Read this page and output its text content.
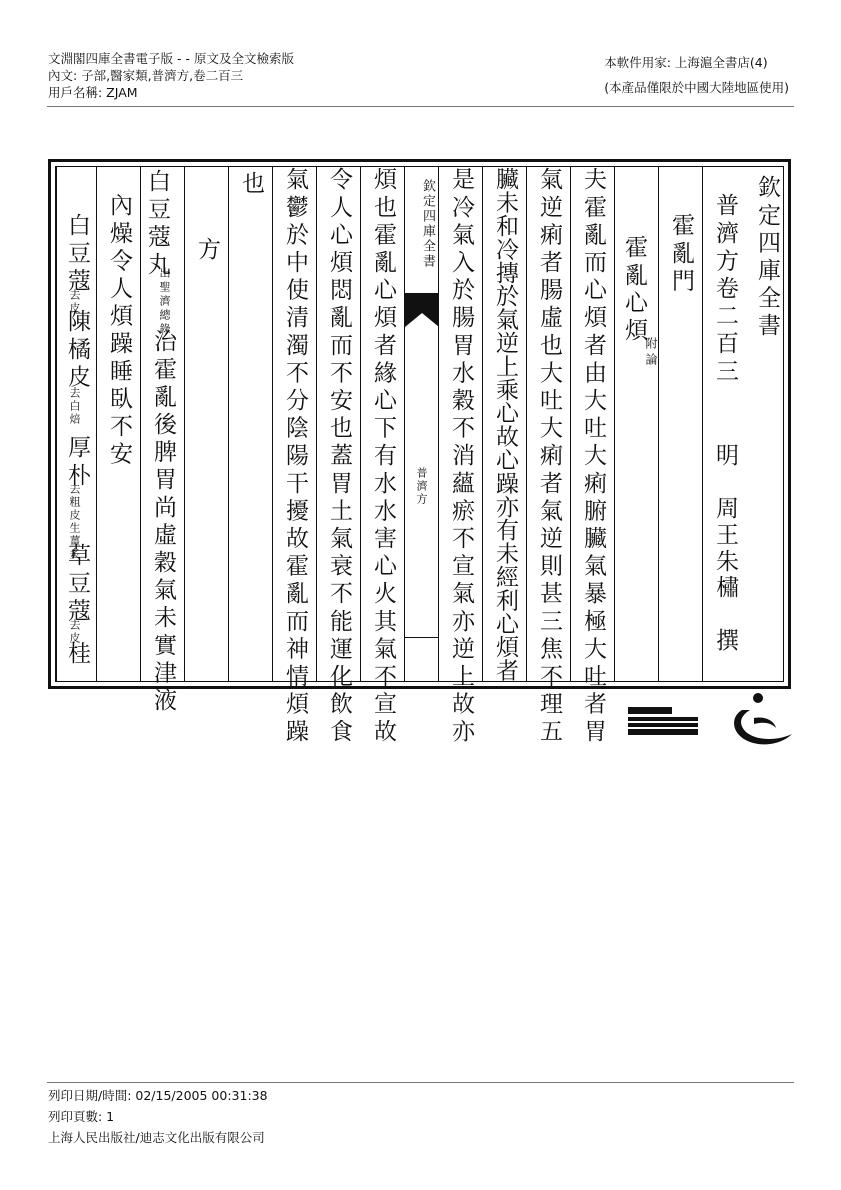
文淵閣四庫全書電子版 - - 原文及全文檢索版
內文: 子部,醫家類,普濟方,卷二百三
用戶名稱: ZJAM
本軟件用家: 上海滬全書店(4)
(本產品僅限於中國大陸地區使用)
欽定四庫全書
普濟方卷二百三
明　周王朱橚　撰
霍亂門
霍亂心煩
附論
夫霍亂而心煩者由大吐大痢腑臟氣暴極大吐者胃
氣逆痢者腸虛也大吐大痢者氣逆則甚三焦不理五
臟未和冷摶於氣逆上乘心故心躁亦有未經利心煩者
是冷氣入於腸胃水穀不消蘊瘀不宣氣亦逆上故亦
欽定四庫全書
普濟方
煩也霍亂心煩者緣心下有水水害心火其氣不宣故
令人心煩悶亂而不安也蓋胃土氣衰不能運化飲食
氣鬱於中使清濁不分陰陽干擾故霍亂而神情煩躁
也
方
白豆蔻丸
出聖濟總錄
治霍亂後脾胃尚虛穀氣未實津液
內燥令人煩躁睡臥不安
白豆蔻
去皮
陳橘皮
去白焙
厚朴
去粗皮生薑炙
草豆蔻
去皮
桂
列印日期/時間: 02/15/2005 00:31:38
列印頁數: 1
上海人民出版社/迪志文化出版有限公司
